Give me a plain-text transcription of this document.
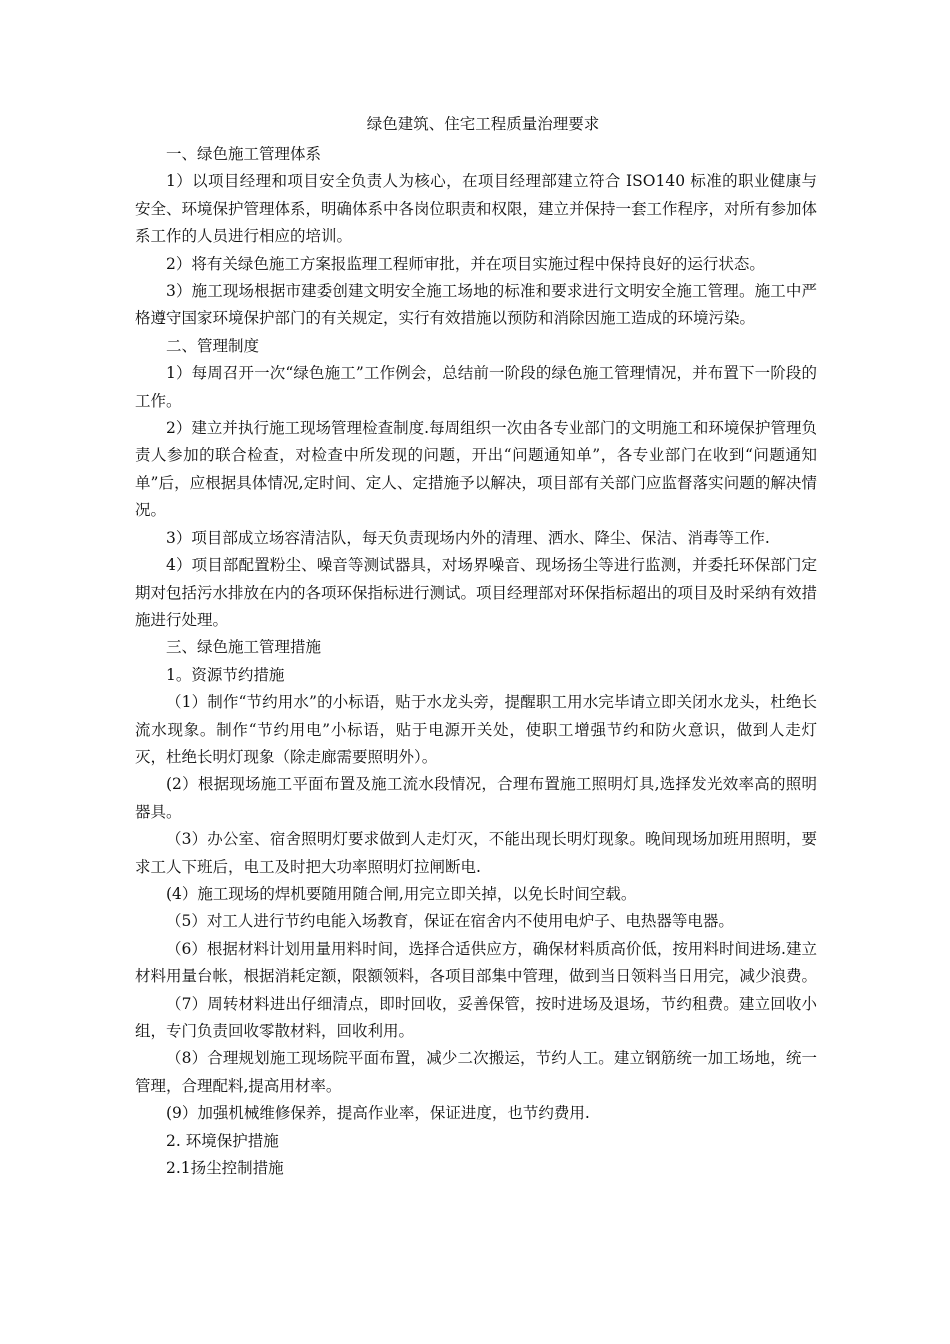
绿色建筑、住宅工程质量治理要求

一、绿色施工管理体系

1）以项目经理和项目安全负责人为核心，在项目经理部建立符合 ISO140 标准的职业健康与安全、环境保护管理体系，明确体系中各岗位职责和权限，建立并保持一套工作程序，对所有参加体系工作的人员进行相应的培训。

2）将有关绿色施工方案报监理工程师审批，并在项目实施过程中保持良好的运行状态。

3）施工现场根据市建委创建文明安全施工场地的标准和要求进行文明安全施工管理。施工中严格遵守国家环境保护部门的有关规定，实行有效措施以预防和消除因施工造成的环境污染。

二、管理制度

1）每周召开一次“绿色施工”工作例会，总结前一阶段的绿色施工管理情况，并布置下一阶段的工作。

2）建立并执行施工现场管理检查制度.每周组织一次由各专业部门的文明施工和环境保护管理负责人参加的联合检查，对检查中所发现的问题，开出“问题通知单”，各专业部门在收到“问题通知单”后，应根据具体情况,定时间、定人、定措施予以解决，项目部有关部门应监督落实问题的解决情况。

3）项目部成立场容清洁队，每天负责现场内外的清理、洒水、降尘、保洁、消毒等工作.

4）项目部配置粉尘、噪音等测试器具，对场界噪音、现场扬尘等进行监测，并委托环保部门定期对包括污水排放在内的各项环保指标进行测试。项目经理部对环保指标超出的项目及时采纳有效措施进行处理。

三、绿色施工管理措施

1。资源节约措施

（1）制作“节约用水”的小标语，贴于水龙头旁，提醒职工用水完毕请立即关闭水龙头，杜绝长流水现象。制作“节约用电”小标语，贴于电源开关处，使职工增强节约和防火意识，做到人走灯灭，杜绝长明灯现象（除走廊需要照明外）。

(2）根据现场施工平面布置及施工流水段情况，合理布置施工照明灯具,选择发光效率高的照明器具。

（3）办公室、宿舍照明灯要求做到人走灯灭，不能出现长明灯现象。晚间现场加班用照明，要求工人下班后，电工及时把大功率照明灯拉闸断电.

(4）施工现场的焊机要随用随合闸,用完立即关掉，以免长时间空载。

（5）对工人进行节约电能入场教育，保证在宿舍内不使用电炉子、电热器等电器。

（6）根据材料计划用量用料时间，选择合适供应方，确保材料质高价低，按用料时间进场.建立材料用量台帐，根据消耗定额，限额领料，各项目部集中管理，做到当日领料当日用完，减少浪费。

（7）周转材料进出仔细清点，即时回收，妥善保管，按时进场及退场，节约租费。建立回收小组，专门负责回收零散材料，回收利用。

（8）合理规划施工现场院平面布置，减少二次搬运，节约人工。建立钢筋统一加工场地，统一管理，合理配料,提高用材率。

(9）加强机械维修保养，提高作业率，保证进度，也节约费用.

2. 环境保护措施

2.1扬尘控制措施
